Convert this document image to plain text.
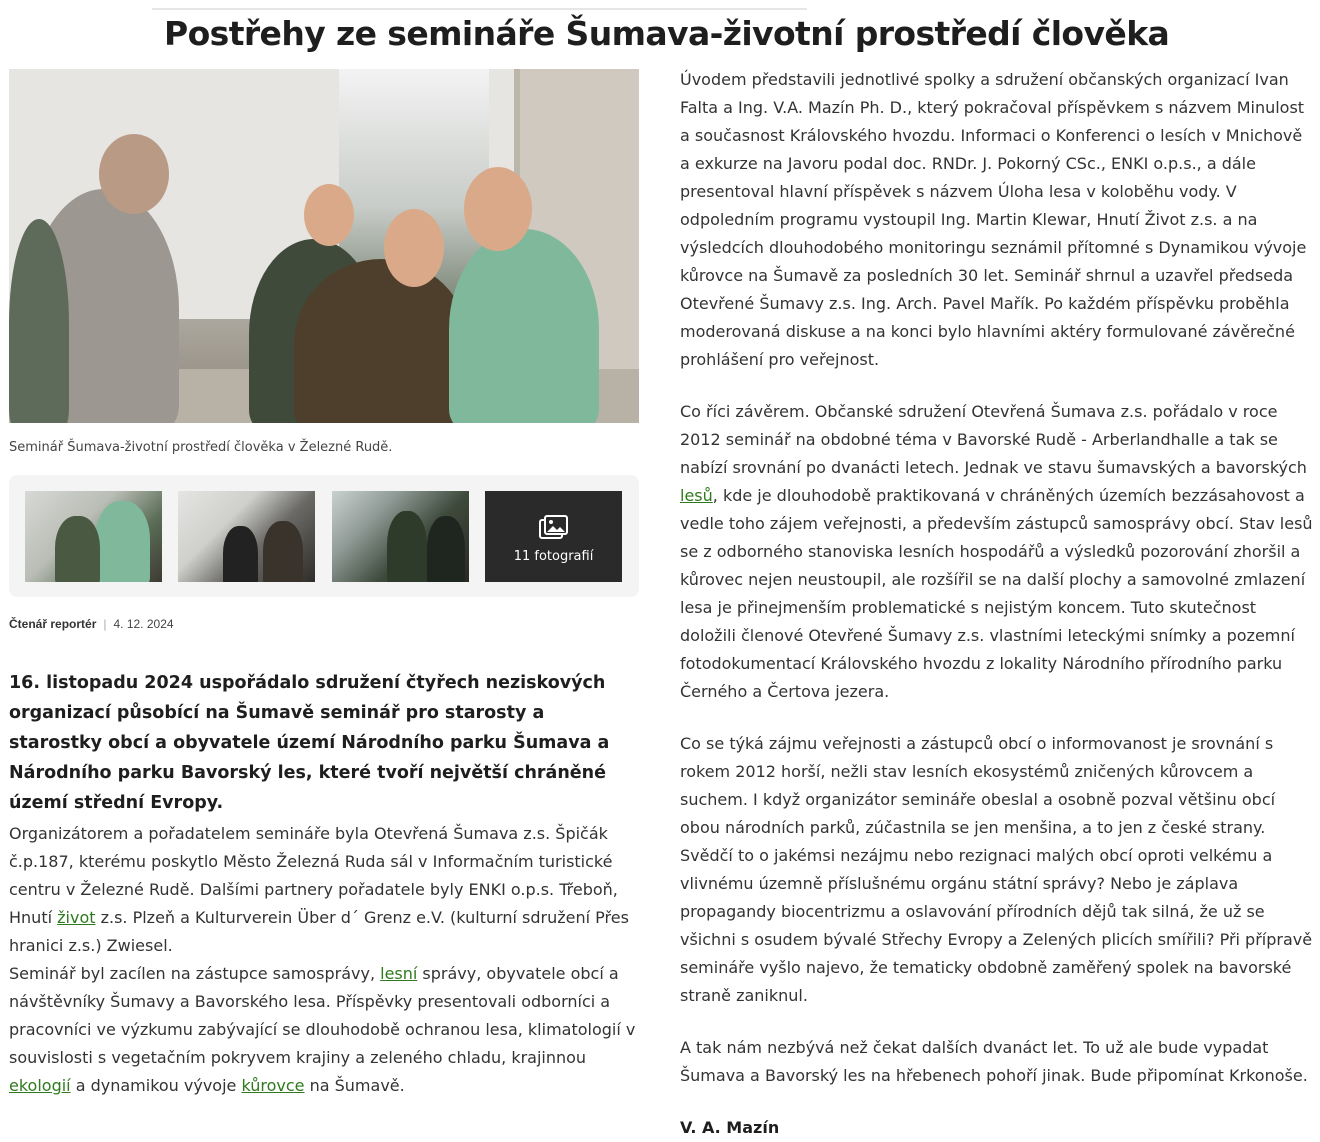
Postřehy ze semináře Šumava-životní prostředí člověka
Seminář Šumava-životní prostředí člověka v Železné Rudě.
11 fotografií
Čtenář reportér | 4. 12. 2024

16. listopadu 2024 uspořádalo sdružení čtyřech neziskových organizací působící na Šumavě seminář pro starosty a starostky obcí a obyvatele území Národního parku Šumava a Národního parku Bavorský les, které tvoří největší chráněné území střední Evropy.

Organizátorem a pořadatelem semináře byla Otevřená Šumava z.s. Špičák č.p.187, kterému poskytlo Město Železná Ruda sál v Informačním turistické centru v Železné Rudě. Dalšími partnery pořadatele byly ENKI o.p.s. Třeboň, Hnutí život z.s. Plzeň a Kulturverein Über d´ Grenz e.V. (kulturní sdružení Přes hranici z.s.) Zwiesel.

Seminář byl zacílen na zástupce samosprávy, lesní správy, obyvatele obcí a návštěvníky Šumavy a Bavorského lesa. Příspěvky presentovali odborníci a pracovníci ve výzkumu zabývající se dlouhodobě ochranou lesa, klimatologií v souvislosti s vegetačním pokryvem krajiny a zeleného chladu, krajinnou ekologií a dynamikou vývoje kůrovce na Šumavě.

Úvodem představili jednotlivé spolky a sdružení občanských organizací Ivan Falta a Ing. V.A. Mazín Ph. D., který pokračoval příspěvkem s názvem Minulost a současnost Královského hvozdu. Informaci o Konferenci o lesích v Mnichově a exkurze na Javoru podal doc. RNDr. J. Pokorný CSc., ENKI o.p.s., a dále presentoval hlavní příspěvek s názvem Úloha lesa v koloběhu vody. V odpoledním programu vystoupil Ing. Martin Klewar, Hnutí Život z.s. a na výsledcích dlouhodobého monitoringu seznámil přítomné s Dynamikou vývoje kůrovce na Šumavě za posledních 30 let. Seminář shrnul a uzavřel předseda Otevřené Šumavy z.s. Ing. Arch. Pavel Mařík. Po každém příspěvku proběhla moderovaná diskuse a na konci bylo hlavními aktéry formulované závěrečné prohlášení pro veřejnost.

Co říci závěrem. Občanské sdružení Otevřená Šumava z.s. pořádalo v roce 2012 seminář na obdobné téma v Bavorské Rudě - Arberlandhalle a tak se nabízí srovnání po dvanácti letech. Jednak ve stavu šumavských a bavorských lesů, kde je dlouhodobě praktikovaná v chráněných územích bezzásahovost a vedle toho zájem veřejnosti, a především zástupců samosprávy obcí. Stav lesů se z odborného stanoviska lesních hospodářů a výsledků pozorování zhoršil a kůrovec nejen neustoupil, ale rozšířil se na další plochy a samovolné zmlazení lesa je přinejmenším problematické s nejistým koncem. Tuto skutečnost doložili členové Otevřené Šumavy z.s. vlastními leteckými snímky a pozemní fotodokumentací Královského hvozdu z lokality Národního přírodního parku Černého a Čertova jezera.

Co se týká zájmu veřejnosti a zástupců obcí o informovanost je srovnání s rokem 2012 horší, nežli stav lesních ekosystémů zničených kůrovcem a suchem. I když organizátor semináře obeslal a osobně pozval většinu obcí obou národních parků, zúčastnila se jen menšina, a to jen z české strany. Svědčí to o jakémsi nezájmu nebo rezignaci malých obcí oproti velkému a vlivnému územně příslušnému orgánu státní správy? Nebo je záplava propagandy biocentrizmu a oslavování přírodních dějů tak silná, že už se všichni s osudem bývalé Střechy Evropy a Zelených plicích smířili? Při přípravě semináře vyšlo najevo, že tematicky obdobně zaměřený spolek na bavorské straně zaniknul.

A tak nám nezbývá než čekat dalších dvanáct let. To už ale bude vypadat Šumava a Bavorský les na hřebenech pohoří jinak. Bude připomínat Krkonoše.

V. A. Mazín
